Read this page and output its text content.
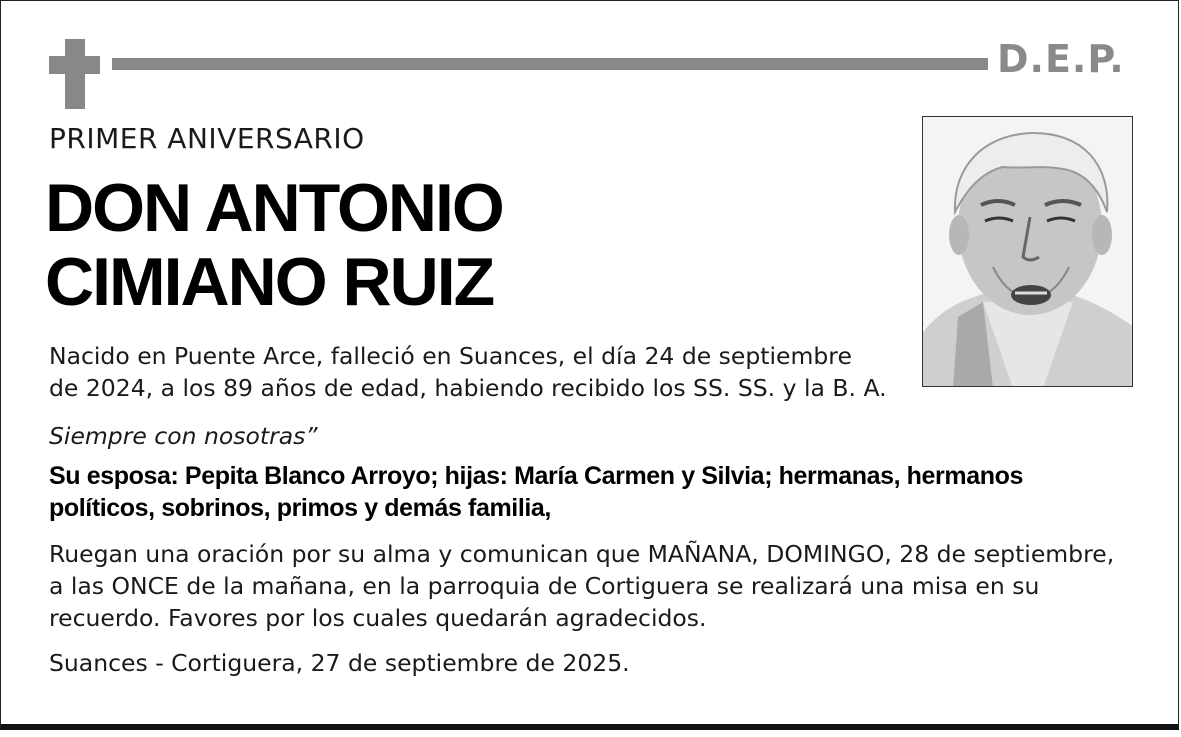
D.E.P.
PRIMER ANIVERSARIO
DON ANTONIO
CIMIANO RUIZ
Nacido en Puente Arce, falleció en Suances, el día 24 de septiembre
de 2024, a los 89 años de edad, habiendo recibido los SS. SS. y la B. A.
Siempre con nosotras”
Su esposa: Pepita Blanco Arroyo; hijas: María Carmen y Silvia; hermanas, hermanos
políticos, sobrinos, primos y demás familia,
Ruegan una oración por su alma y comunican que MAÑANA, DOMINGO, 28 de septiembre,
a las ONCE de la mañana, en la parroquia de Cortiguera se realizará una misa en su
recuerdo. Favores por los cuales quedarán agradecidos.
Suances - Cortiguera, 27 de septiembre de 2025.
